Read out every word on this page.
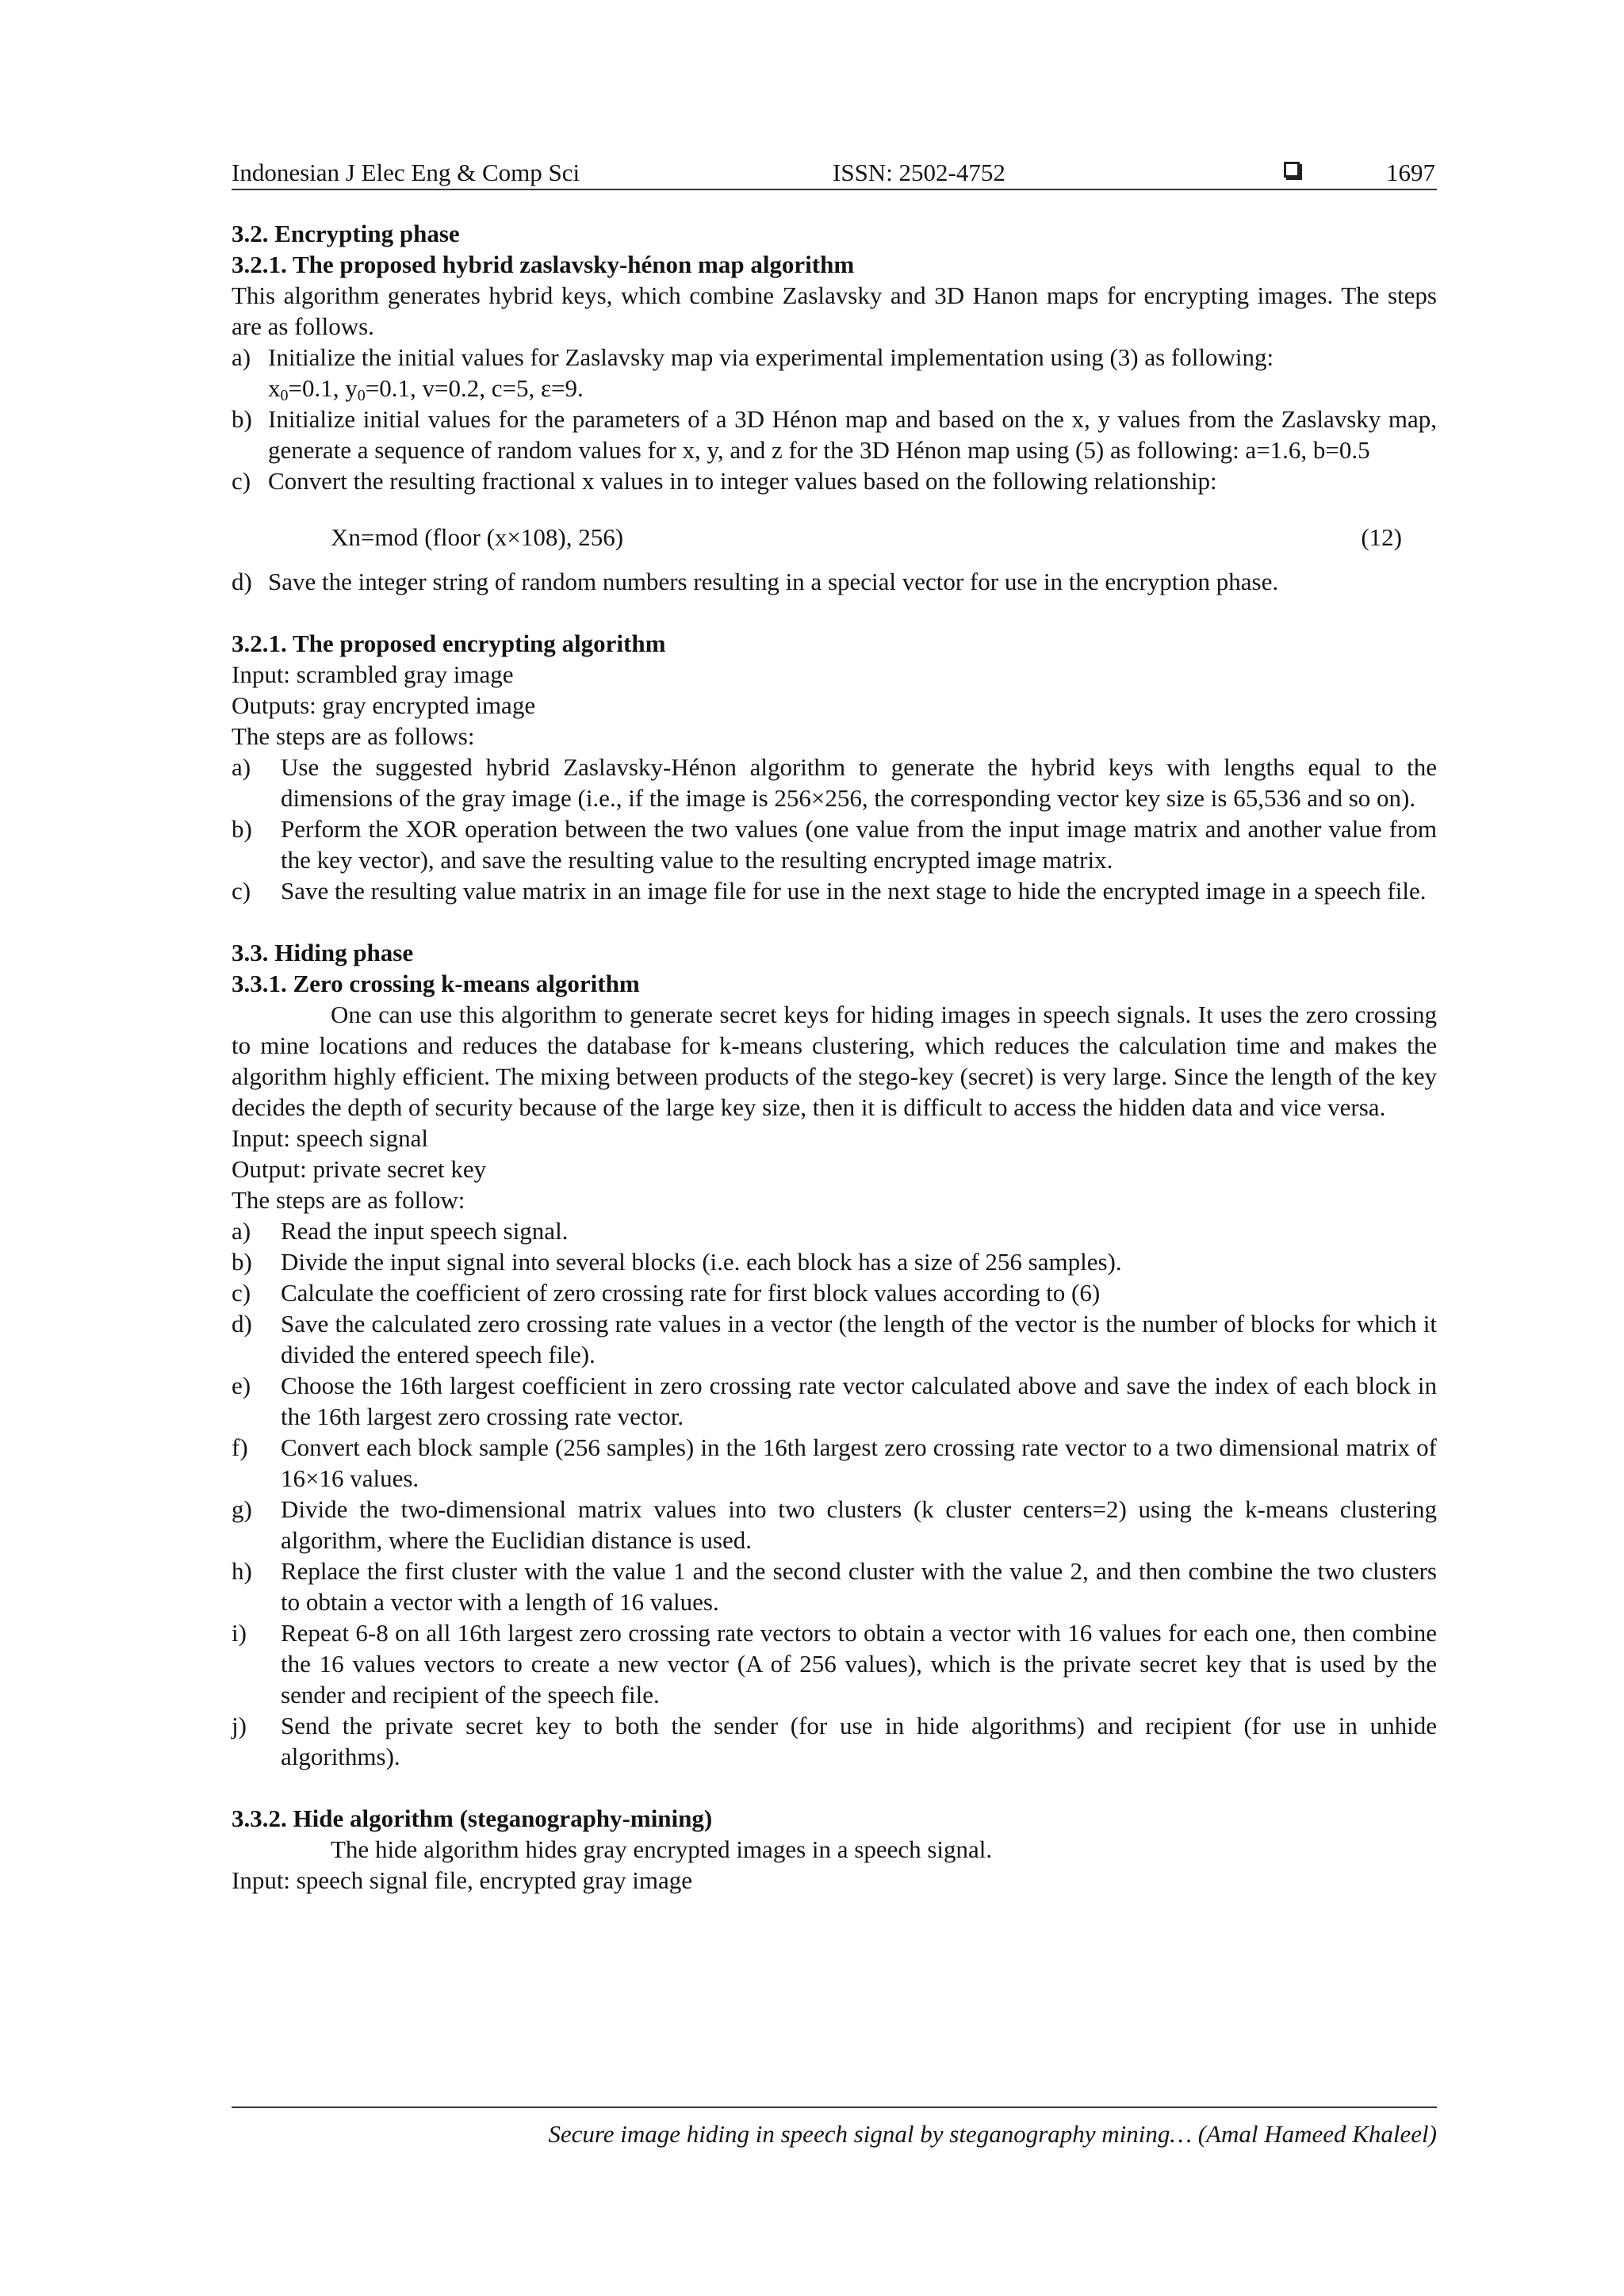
Indonesian J Elec Eng & Comp Sci	ISSN: 2502-4752	1697

3.2. Encrypting phase

3.2.1. The proposed hybrid zaslavsky-hénon map algorithm

This algorithm generates hybrid keys, which combine Zaslavsky and 3D Hanon maps for encrypting images. The steps are as follows.

a) Initialize the initial values for Zaslavsky map via experimental implementation using (3) as following:
$x_0=0.1$, $y_0=0.1$, v=0.2, c=5, ε=9.
b) Initialize initial values for the parameters of a 3D Hénon map and based on the x, y values from the Zaslavsky map, generate a sequence of random values for x, y, and z for the 3D Hénon map using (5) as following: a=1.6, b=0.5
c) Convert the resulting fractional x values in to integer values based on the following relationship:
Xn=mod (floor (x×108), 256)	(12)
d) Save the integer string of random numbers resulting in a special vector for use in the encryption phase.

3.2.1. The proposed encrypting algorithm

Input: scrambled gray image

Outputs: gray encrypted image

The steps are as follows:

a)	Use the suggested hybrid Zaslavsky-Hénon algorithm to generate the hybrid keys with lengths equal to the dimensions of the gray image (i.e., if the image is 256×256, the corresponding vector key size is 65,536 and so on).
b)	Perform the XOR operation between the two values (one value from the input image matrix and another value from the key vector), and save the resulting value to the resulting encrypted image matrix.
c)	Save the resulting value matrix in an image file for use in the next stage to hide the encrypted image in a speech file.

3.3. Hiding phase

3.3.1. Zero crossing k-means algorithm

One can use this algorithm to generate secret keys for hiding images in speech signals. It uses the zero crossing to mine locations and reduces the database for k-means clustering, which reduces the calculation time and makes the algorithm highly efficient. The mixing between products of the stego-key (secret) is very large. Since the length of the key decides the depth of security because of the large key size, then it is difficult to access the hidden data and vice versa.

Input: speech signal

Output: private secret key

The steps are as follow:

a)	Read the input speech signal.
b)	Divide the input signal into several blocks (i.e. each block has a size of 256 samples).
c)	Calculate the coefficient of zero crossing rate for first block values according to (6)
d)	Save the calculated zero crossing rate values in a vector (the length of the vector is the number of blocks for which it divided the entered speech file).
e)	Choose the 16th largest coefficient in zero crossing rate vector calculated above and save the index of each block in the 16th largest zero crossing rate vector.
f)	Convert each block sample (256 samples) in the 16th largest zero crossing rate vector to a two dimensional matrix of 16×16 values.
g)	Divide the two-dimensional matrix values into two clusters (k cluster centers=2) using the k-means clustering algorithm, where the Euclidian distance is used.
h)	Replace the first cluster with the value 1 and the second cluster with the value 2, and then combine the two clusters to obtain a vector with a length of 16 values.
i)	Repeat 6-8 on all 16th largest zero crossing rate vectors to obtain a vector with 16 values for each one, then combine the 16 values vectors to create a new vector (A of 256 values), which is the private secret key that is used by the sender and recipient of the speech file.
j)	Send the private secret key to both the sender (for use in hide algorithms) and recipient (for use in unhide algorithms).

3.3.2. Hide algorithm (steganography-mining)

The hide algorithm hides gray encrypted images in a speech signal.

Input: speech signal file, encrypted gray image

Secure image hiding in speech signal by steganography mining… (Amal Hameed Khaleel)
